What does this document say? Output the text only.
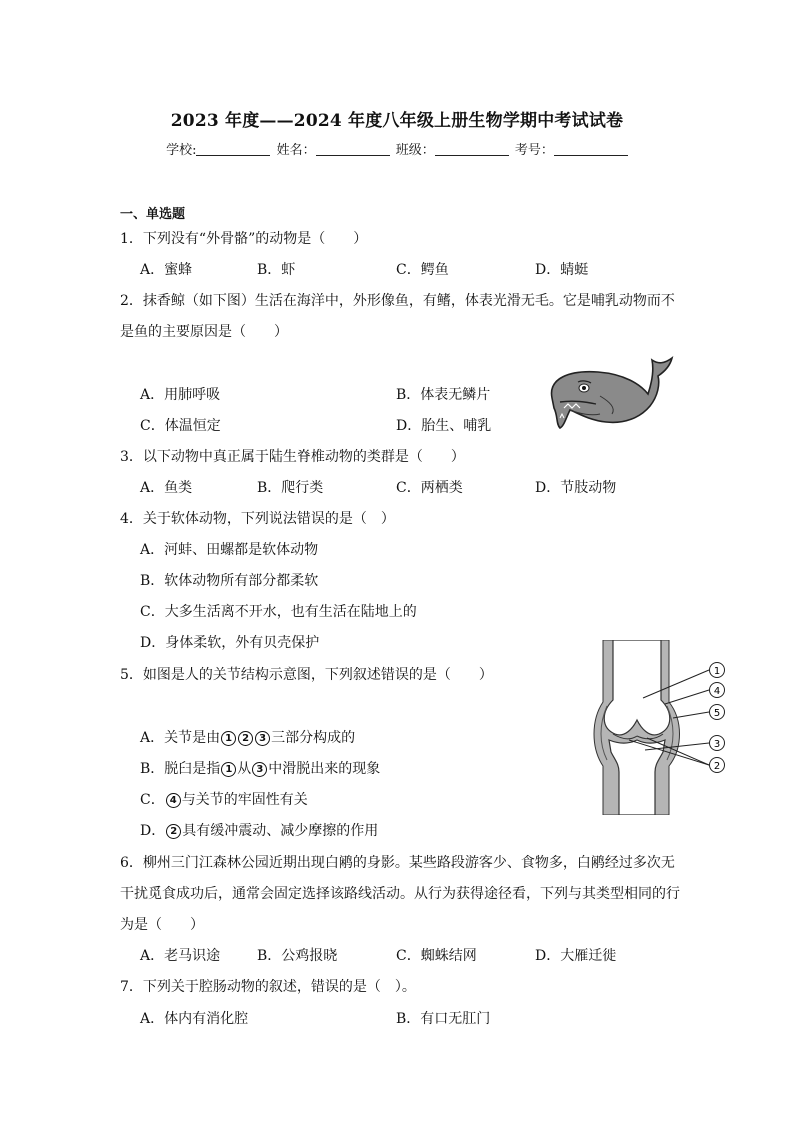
2023 年度——2024 年度八年级上册生物学期中考试试卷
学校:	姓名：	班级：	考号：
一、单选题
1．下列没有“外骨骼”的动物是（　　）
A．蜜蜂	B．虾	C．鳄鱼	D．蜻蜓
2．抹香鲸（如下图）生活在海洋中，外形像鱼，有鳍，体表光滑无毛。它是哺乳动物而不
是鱼的主要原因是（　　）
A．用肺呼吸	B．体表无鳞片
C．体温恒定	D．胎生、哺乳
3．以下动物中真正属于陆生脊椎动物的类群是（　　）
A．鱼类	B．爬行类	C．两栖类	D．节肢动物
4．关于软体动物，下列说法错误的是（　）
A．河蚌、田螺都是软体动物
B．软体动物所有部分都柔软
C．大多生活离不开水，也有生活在陆地上的
D．身体柔软，外有贝壳保护
5．如图是人的关节结构示意图，下列叙述错误的是（　　）
A．关节是由 1 2 3 三部分构成的
B．脱臼是指 1 从 3 中滑脱出来的现象
C． 4 与关节的牢固性有关
D． 2 具有缓冲震动、减少摩擦的作用
1
4
5
3
2
6．柳州三门江森林公园近期出现白鹇的身影。某些路段游客少、食物多，白鹇经过多次无
干扰觅食成功后，通常会固定选择该路线活动。从行为获得途径看，下列与其类型相同的行
为是（　　）
A．老马识途	B．公鸡报晓	C．蜘蛛结网	D．大雁迁徙
7．下列关于腔肠动物的叙述，错误的是（　）。
A．体内有消化腔	B．有口无肛门
